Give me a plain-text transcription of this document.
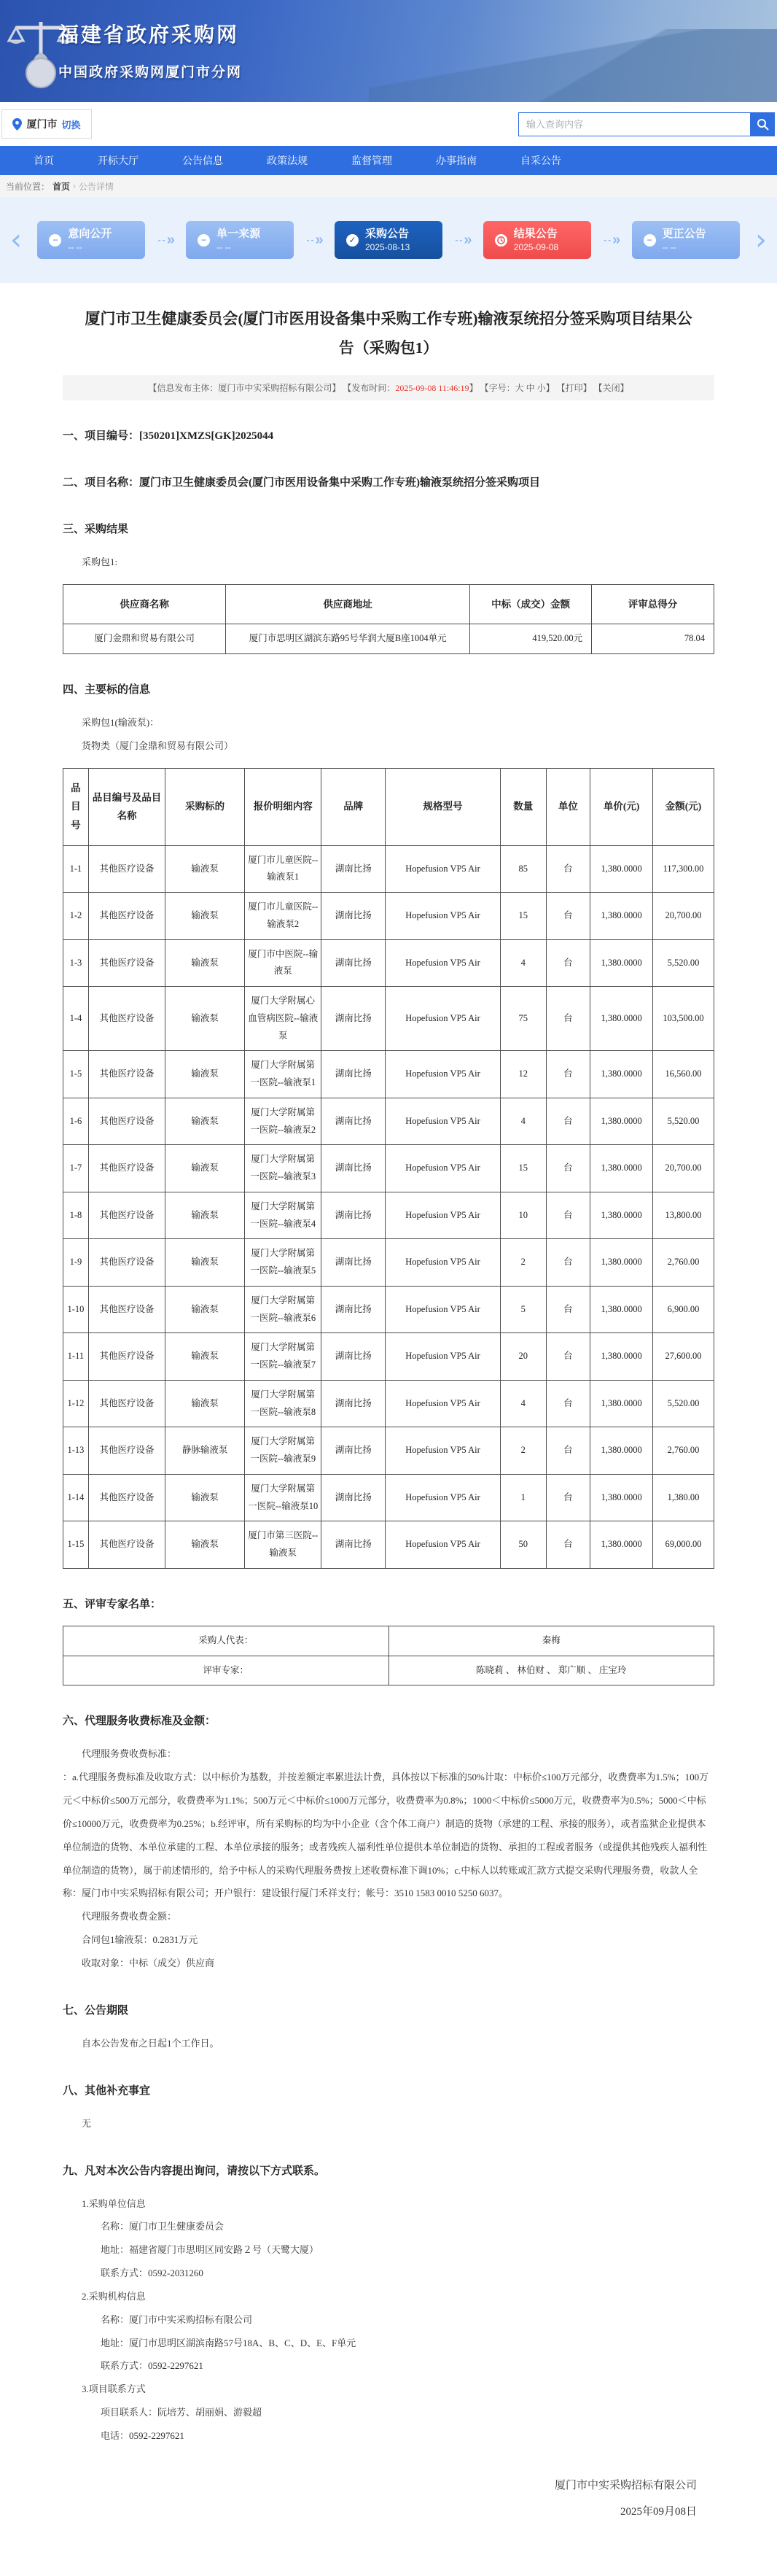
福建省政府采购网
中国政府采购网厦门市分网
厦门市 切换
输入查询内容
首页	开标大厅	公告信息	政策法规	监督管理	办事指南	自采公告
当前位置： 首页 › 公告详情
‹	−
意向公开
-- --
--»	−
单一来源
-- --
--»	✓
采购公告
2025-08-13
--»	结果公告
2025-09-08
--»	−
更正公告
-- --	›
厦门市卫生健康委员会(厦门市医用设备集中采购工作专班)输液泵统招分签采购项目结果公告（采购包1）
【信息发布主体：厦门市中实采购招标有限公司】 【发布时间：2025-09-08 11:46:19】 【字号：大 中 小】 【打印】 【关闭】
一、项目编号：[350201]XMZS[GK]2025044
二、项目名称：厦门市卫生健康委员会(厦门市医用设备集中采购工作专班)输液泵统招分签采购项目
三、采购结果

采购包1:

供应商名称	供应商地址	中标（成交）金额	评审总得分
厦门金鼎和贸易有限公司	厦门市思明区湖滨东路95号华润大厦B座1004单元	419,520.00元	78.04
四、主要标的信息

采购包1(输液泵)：

货物类（厦门金鼎和贸易有限公司）

品目号	品目编号及品目名称	采购标的	报价明细内容	品牌	规格型号	数量	单位	单价(元)	金额(元)
1-1	其他医疗设备	输液泵	厦门市儿童医院--输液泵1	湖南比扬	Hopefusion VP5 Air	85	台	1,380.0000	117,300.00
1-2	其他医疗设备	输液泵	厦门市儿童医院--输液泵2	湖南比扬	Hopefusion VP5 Air	15	台	1,380.0000	20,700.00
1-3	其他医疗设备	输液泵	厦门市中医院--输液泵	湖南比扬	Hopefusion VP5 Air	4	台	1,380.0000	5,520.00
1-4	其他医疗设备	输液泵	厦门大学附属心血管病医院--输液泵	湖南比扬	Hopefusion VP5 Air	75	台	1,380.0000	103,500.00
1-5	其他医疗设备	输液泵	厦门大学附属第一医院--输液泵1	湖南比扬	Hopefusion VP5 Air	12	台	1,380.0000	16,560.00
1-6	其他医疗设备	输液泵	厦门大学附属第一医院--输液泵2	湖南比扬	Hopefusion VP5 Air	4	台	1,380.0000	5,520.00
1-7	其他医疗设备	输液泵	厦门大学附属第一医院--输液泵3	湖南比扬	Hopefusion VP5 Air	15	台	1,380.0000	20,700.00
1-8	其他医疗设备	输液泵	厦门大学附属第一医院--输液泵4	湖南比扬	Hopefusion VP5 Air	10	台	1,380.0000	13,800.00
1-9	其他医疗设备	输液泵	厦门大学附属第一医院--输液泵5	湖南比扬	Hopefusion VP5 Air	2	台	1,380.0000	2,760.00
1-10	其他医疗设备	输液泵	厦门大学附属第一医院--输液泵6	湖南比扬	Hopefusion VP5 Air	5	台	1,380.0000	6,900.00
1-11	其他医疗设备	输液泵	厦门大学附属第一医院--输液泵7	湖南比扬	Hopefusion VP5 Air	20	台	1,380.0000	27,600.00
1-12	其他医疗设备	输液泵	厦门大学附属第一医院--输液泵8	湖南比扬	Hopefusion VP5 Air	4	台	1,380.0000	5,520.00
1-13	其他医疗设备	静脉输液泵	厦门大学附属第一医院--输液泵9	湖南比扬	Hopefusion VP5 Air	2	台	1,380.0000	2,760.00
1-14	其他医疗设备	输液泵	厦门大学附属第一医院--输液泵10	湖南比扬	Hopefusion VP5 Air	1	台	1,380.0000	1,380.00
1-15	其他医疗设备	输液泵	厦门市第三医院--输液泵	湖南比扬	Hopefusion VP5 Air	50	台	1,380.0000	69,000.00
五、评审专家名单：
采购人代表：	秦梅
评审专家：	陈晓莉 、 林伯财 、 郑广顺 、 庄宝玲
六、代理服务收费标准及金额：

代理服务费收费标准：

：a.代理服务费标准及收取方式：以中标价为基数，并按差额定率累进法计费，具体按以下标准的50%计取：中标价≤100万元部分，收费费率为1.5%；100万元＜中标价≤500万元部分，收费费率为1.1%；500万元＜中标价≤1000万元部分，收费费率为0.8%；1000＜中标价≤5000万元，收费费率为0.5%；5000＜中标价≤10000万元，收费费率为0.25%；b.经评审，所有采购标的均为中小企业（含个体工商户）制造的货物（承建的工程、承接的服务），或者监狱企业提供本单位制造的货物、本单位承建的工程、本单位承接的服务；或者残疾人福利性单位提供本单位制造的货物、承担的工程或者服务（或提供其他残疾人福利性单位制造的货物），属于前述情形的，给予中标人的采购代理服务费按上述收费标准下调10%；c.中标人以转账或汇款方式提交采购代理服务费，收款人全称：厦门市中实采购招标有限公司；开户银行：建设银行厦门禾祥支行；帐号：3510 1583 0010 5250 6037。

代理服务费收费金额：

合同包1输液泵：0.2831万元

收取对象：中标（成交）供应商

七、公告期限

自本公告发布之日起1个工作日。

八、其他补充事宜

无

九、凡对本次公告内容提出询问，请按以下方式联系。

1.采购单位信息

名称：厦门市卫生健康委员会

地址：福建省厦门市思明区同安路２号（天鹭大厦）

联系方式：0592-2031260

2.采购机构信息

名称：厦门市中实采购招标有限公司

地址：厦门市思明区湖滨南路57号18A、B、C、D、E、F单元

联系方式：0592-2297621

3.项目联系方式

项目联系人：阮培芳、胡丽娟、游毅超

电话：0592-2297621

厦门市中实采购招标有限公司
2025年09月08日
